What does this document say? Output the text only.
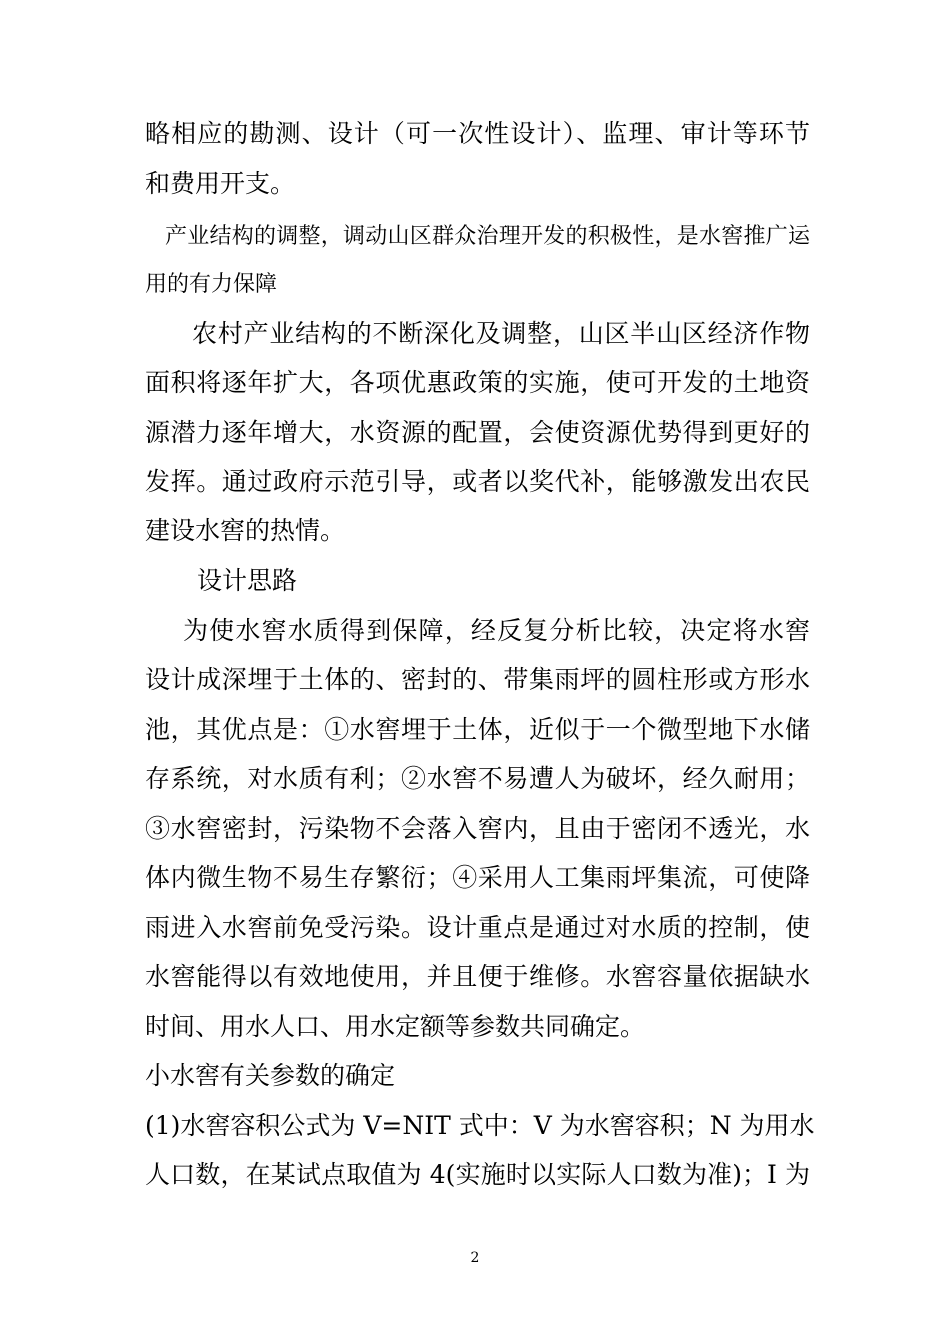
略相应的勘测、设计（可一次性设计）、监理、审计等环节
和费用开支。
产业结构的调整，调动山区群众治理开发的积极性，是水窖推广运
用的有力保障
农村产业结构的不断深化及调整，山区半山区经济作物
面积将逐年扩大，各项优惠政策的实施，使可开发的土地资
源潜力逐年增大，水资源的配置，会使资源优势得到更好的
发挥。通过政府示范引导，或者以奖代补，能够激发出农民
建设水窖的热情。
设计思路
为使水窖水质得到保障，经反复分析比较，决定将水窖
设计成深埋于土体的、密封的、带集雨坪的圆柱形或方形水
池，其优点是：①水窖埋于土体，近似于一个微型地下水储
存系统，对水质有利；②水窖不易遭人为破坏，经久耐用；
③水窖密封，污染物不会落入窖内，且由于密闭不透光，水
体内微生物不易生存繁衍；④采用人工集雨坪集流，可使降
雨进入水窖前免受污染。设计重点是通过对水质的控制，使
水窖能得以有效地使用，并且便于维修。水窖容量依据缺水
时间、用水人口、用水定额等参数共同确定。
小水窖有关参数的确定
(1)水窖容积公式为 V=NIT 式中：V 为水窖容积；N 为用水
人口数，在某试点取值为 4(实施时以实际人口数为准)；I 为
2
